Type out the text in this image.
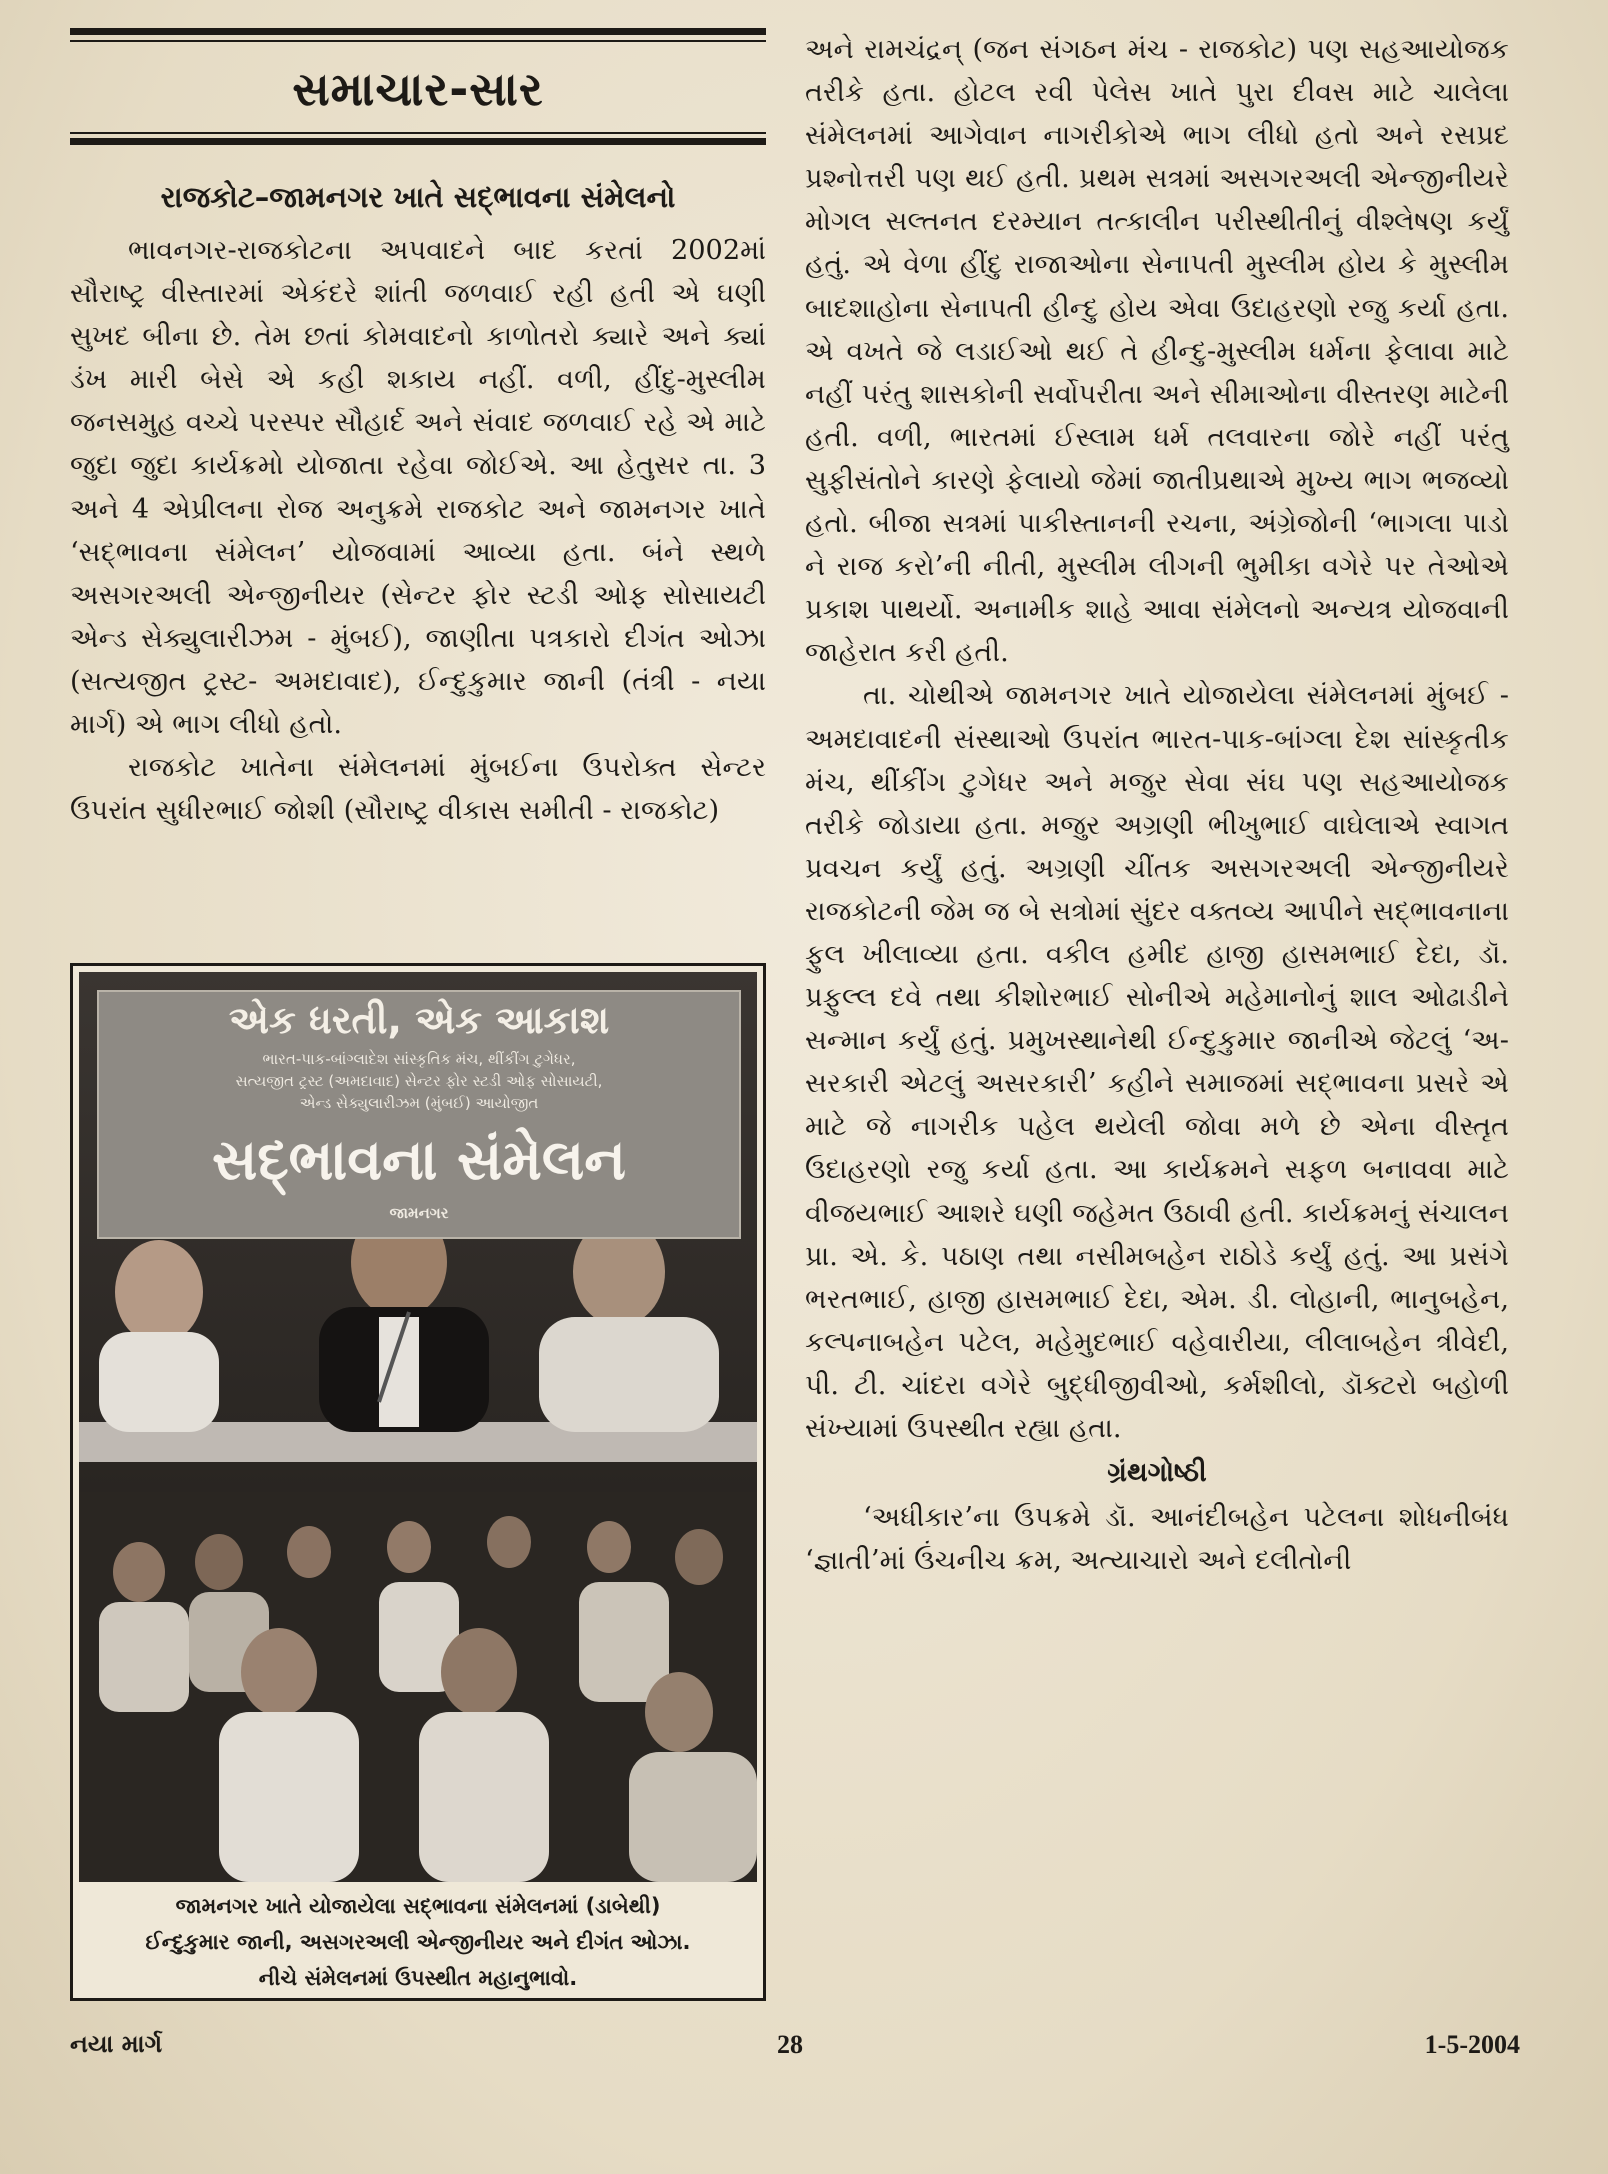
સમાચાર-સાર
રાજકોટ–જામનગર ખાતે સદ્ભાવના સંમેલનો

ભાવનગર-રાજકોટના અપવાદને બાદ કરતાં 2002માં સૌરાષ્ટ્ર વીસ્તારમાં એકંદરે શાંતી જળવાઈ રહી હતી એ ઘણી સુખદ બીના છે. તેમ છતાં કોમવાદનો કાળોતરો ક્યારે અને ક્યાં ડંખ મારી બેસે એ કહી શકાય નહીં. વળી, હીંદુ-મુસ્લીમ જનસમુહ વચ્ચે પરસ્પર સૌહાર્દ અને સંવાદ જળવાઈ રહે એ માટે જુદા જુદા કાર્યક્રમો યોજાતા રહેવા જોઈએ. આ હેતુસર તા. 3 અને 4 એપ્રીલના રોજ અનુક્રમે રાજકોટ અને જામનગર ખાતે ‘સદ્ભાવના સંમેલન’ યોજવામાં આવ્યા હતા. બંને સ્થળે અસગરઅલી એન્જીનીયર (સેન્ટર ફોર સ્ટડી ઓફ સોસાયટી એન્ડ સેક્યુલારીઝમ - મુંબઈ), જાણીતા પત્રકારો દીગંત ઓઝા (સત્યજીત ટ્રસ્ટ- અમદાવાદ), ઈન્દુકુમાર જાની (તંત્રી - નયા માર્ગ) એ ભાગ લીધો હતો.

રાજકોટ ખાતેના સંમેલનમાં મુંબઈના ઉપરોક્ત સેન્ટર ઉપરાંત સુધીરભાઈ જોશી (સૌરાષ્ટ્ર વીકાસ સમીતી - રાજકોટ)

એક ધરતી, એક આકાશ
ભારત-પાક-બાંગ્લાદેશ સાંસ્કૃતિક મંચ, થીંકીંગ ટુગેધર,
સત્યજીત ટ્રસ્ટ (અમદાવાદ) સેન્ટર ફોર સ્ટડી ઓફ સોસાયટી,
એન્ડ સેક્યુલારીઝમ (મુંબઈ) આયોજીત
સદ્ભાવના સંમેલન
જામનગર
જામનગર ખાતે યોજાયેલા સદ્ભાવના સંમેલનમાં (ડાબેથી)
ઈન્દુકુમાર જાની, અસગરઅલી એન્જીનીયર અને દીગંત ઓઝા.
નીચે સંમેલનમાં ઉપસ્થીત મહાનુભાવો.

અને રામચંદ્રન્ (જન સંગઠન મંચ - રાજકોટ) પણ સહઆયોજક તરીકે હતા. હોટલ રવી પેલેસ ખાતે પુરા દીવસ માટે ચાલેલા સંમેલનમાં આગેવાન નાગરીકોએ ભાગ લીધો હતો અને રસપ્રદ પ્રશ્નોત્તરી પણ થઈ હતી. પ્રથમ સત્રમાં અસગરઅલી એન્જીનીયરે મોગલ સલ્તનત દરમ્યાન તત્કાલીન પરીસ્થીતીનું વીશ્લેષણ કર્યું હતું. એ વેળા હીંદુ રાજાઓના સેનાપતી મુસ્લીમ હોય કે મુસ્લીમ બાદશાહોના સેનાપતી હીન્દુ હોય એવા ઉદાહરણો રજુ કર્યા હતા. એ વખતે જે લડાઈઓ થઈ તે હીન્દુ-મુસ્લીમ ધર્મના ફેલાવા માટે નહીં પરંતુ શાસકોની સર્વોપરીતા અને સીમાઓના વીસ્તરણ માટેની હતી. વળી, ભારતમાં ઈસ્લામ ધર્મ તલવારના જોરે નહીં પરંતુ સુફીસંતોને કારણે ફેલાયો જેમાં જાતીપ્રથાએ મુખ્ય ભાગ ભજવ્યો હતો. બીજા સત્રમાં પાકીસ્તાનની રચના, અંગ્રેજોની ‘ભાગલા પાડો ને રાજ કરો’ની નીતી, મુસ્લીમ લીગની ભુમીકા વગેરે પર તેઓએ પ્રકાશ પાથર્યો. અનામીક શાહે આવા સંમેલનો અન્યત્ર યોજવાની જાહેરાત કરી હતી.

તા. ચોથીએ જામનગર ખાતે યોજાયેલા સંમેલનમાં મુંબઈ - અમદાવાદની સંસ્થાઓ ઉપરાંત ભારત-પાક-બાંગ્લા દેશ સાંસ્કૃતીક મંચ, થીંકીંગ ટુગેધર અને મજુર સેવા સંઘ પણ સહઆયોજક તરીકે જોડાયા હતા. મજુર અગ્રણી ભીખુભાઈ વાઘેલાએ સ્વાગત પ્રવચન કર્યું હતું. અગ્રણી ચીંતક અસગરઅલી એન્જીનીયરે રાજકોટની જેમ જ બે સત્રોમાં સુંદર વક્તવ્ય આપીને સદ્ભાવનાના ફુલ ખીલાવ્યા હતા. વકીલ હમીદ હાજી હાસમભાઈ દેદા, ડૉ. પ્રફુલ્લ દવે તથા કીશોરભાઈ સોનીએ મહેમાનોનું શાલ ઓઢાડીને સન્માન કર્યું હતું. પ્રમુખસ્થાનેથી ઈન્દુકુમાર જાનીએ જેટલું ‘અ-સરકારી એટલું અસરકારી’ કહીને સમાજમાં સદ્ભાવના પ્રસરે એ માટે જે નાગરીક પહેલ થયેલી જોવા મળે છે એના વીસ્તૃત ઉદાહરણો રજુ કર્યા હતા. આ કાર્યક્રમને સફળ બનાવવા માટે વીજયભાઈ આશરે ઘણી જહેમત ઉઠાવી હતી. કાર્યક્રમનું સંચાલન પ્રા. એ. કે. પઠાણ તથા નસીમબહેન રાઠોડે કર્યું હતું. આ પ્રસંગે ભરતભાઈ, હાજી હાસમભાઈ દેદા, એમ. ડી. લોહાની, ભાનુબહેન, કલ્પનાબહેન પટેલ, મહેમુદભાઈ વહેવારીયા, લીલાબહેન ત્રીવેદી, પી. ટી. ચાંદરા વગેરે બુદ્ધીજીવીઓ, કર્મશીલો, ડૉક્ટરો બહોળી સંખ્યામાં ઉપસ્થીત રહ્યા હતા.

ગ્રંથગોષ્ઠી

‘અધીકાર’ના ઉપક્રમે ડૉ. આનંદીબહેન પટેલના શોધનીબંધ ‘જ્ઞાતી’માં ઉંચનીચ ક્રમ, અત્યાચારો અને દલીતોની

નયા માર્ગ	28	1-5-2004
